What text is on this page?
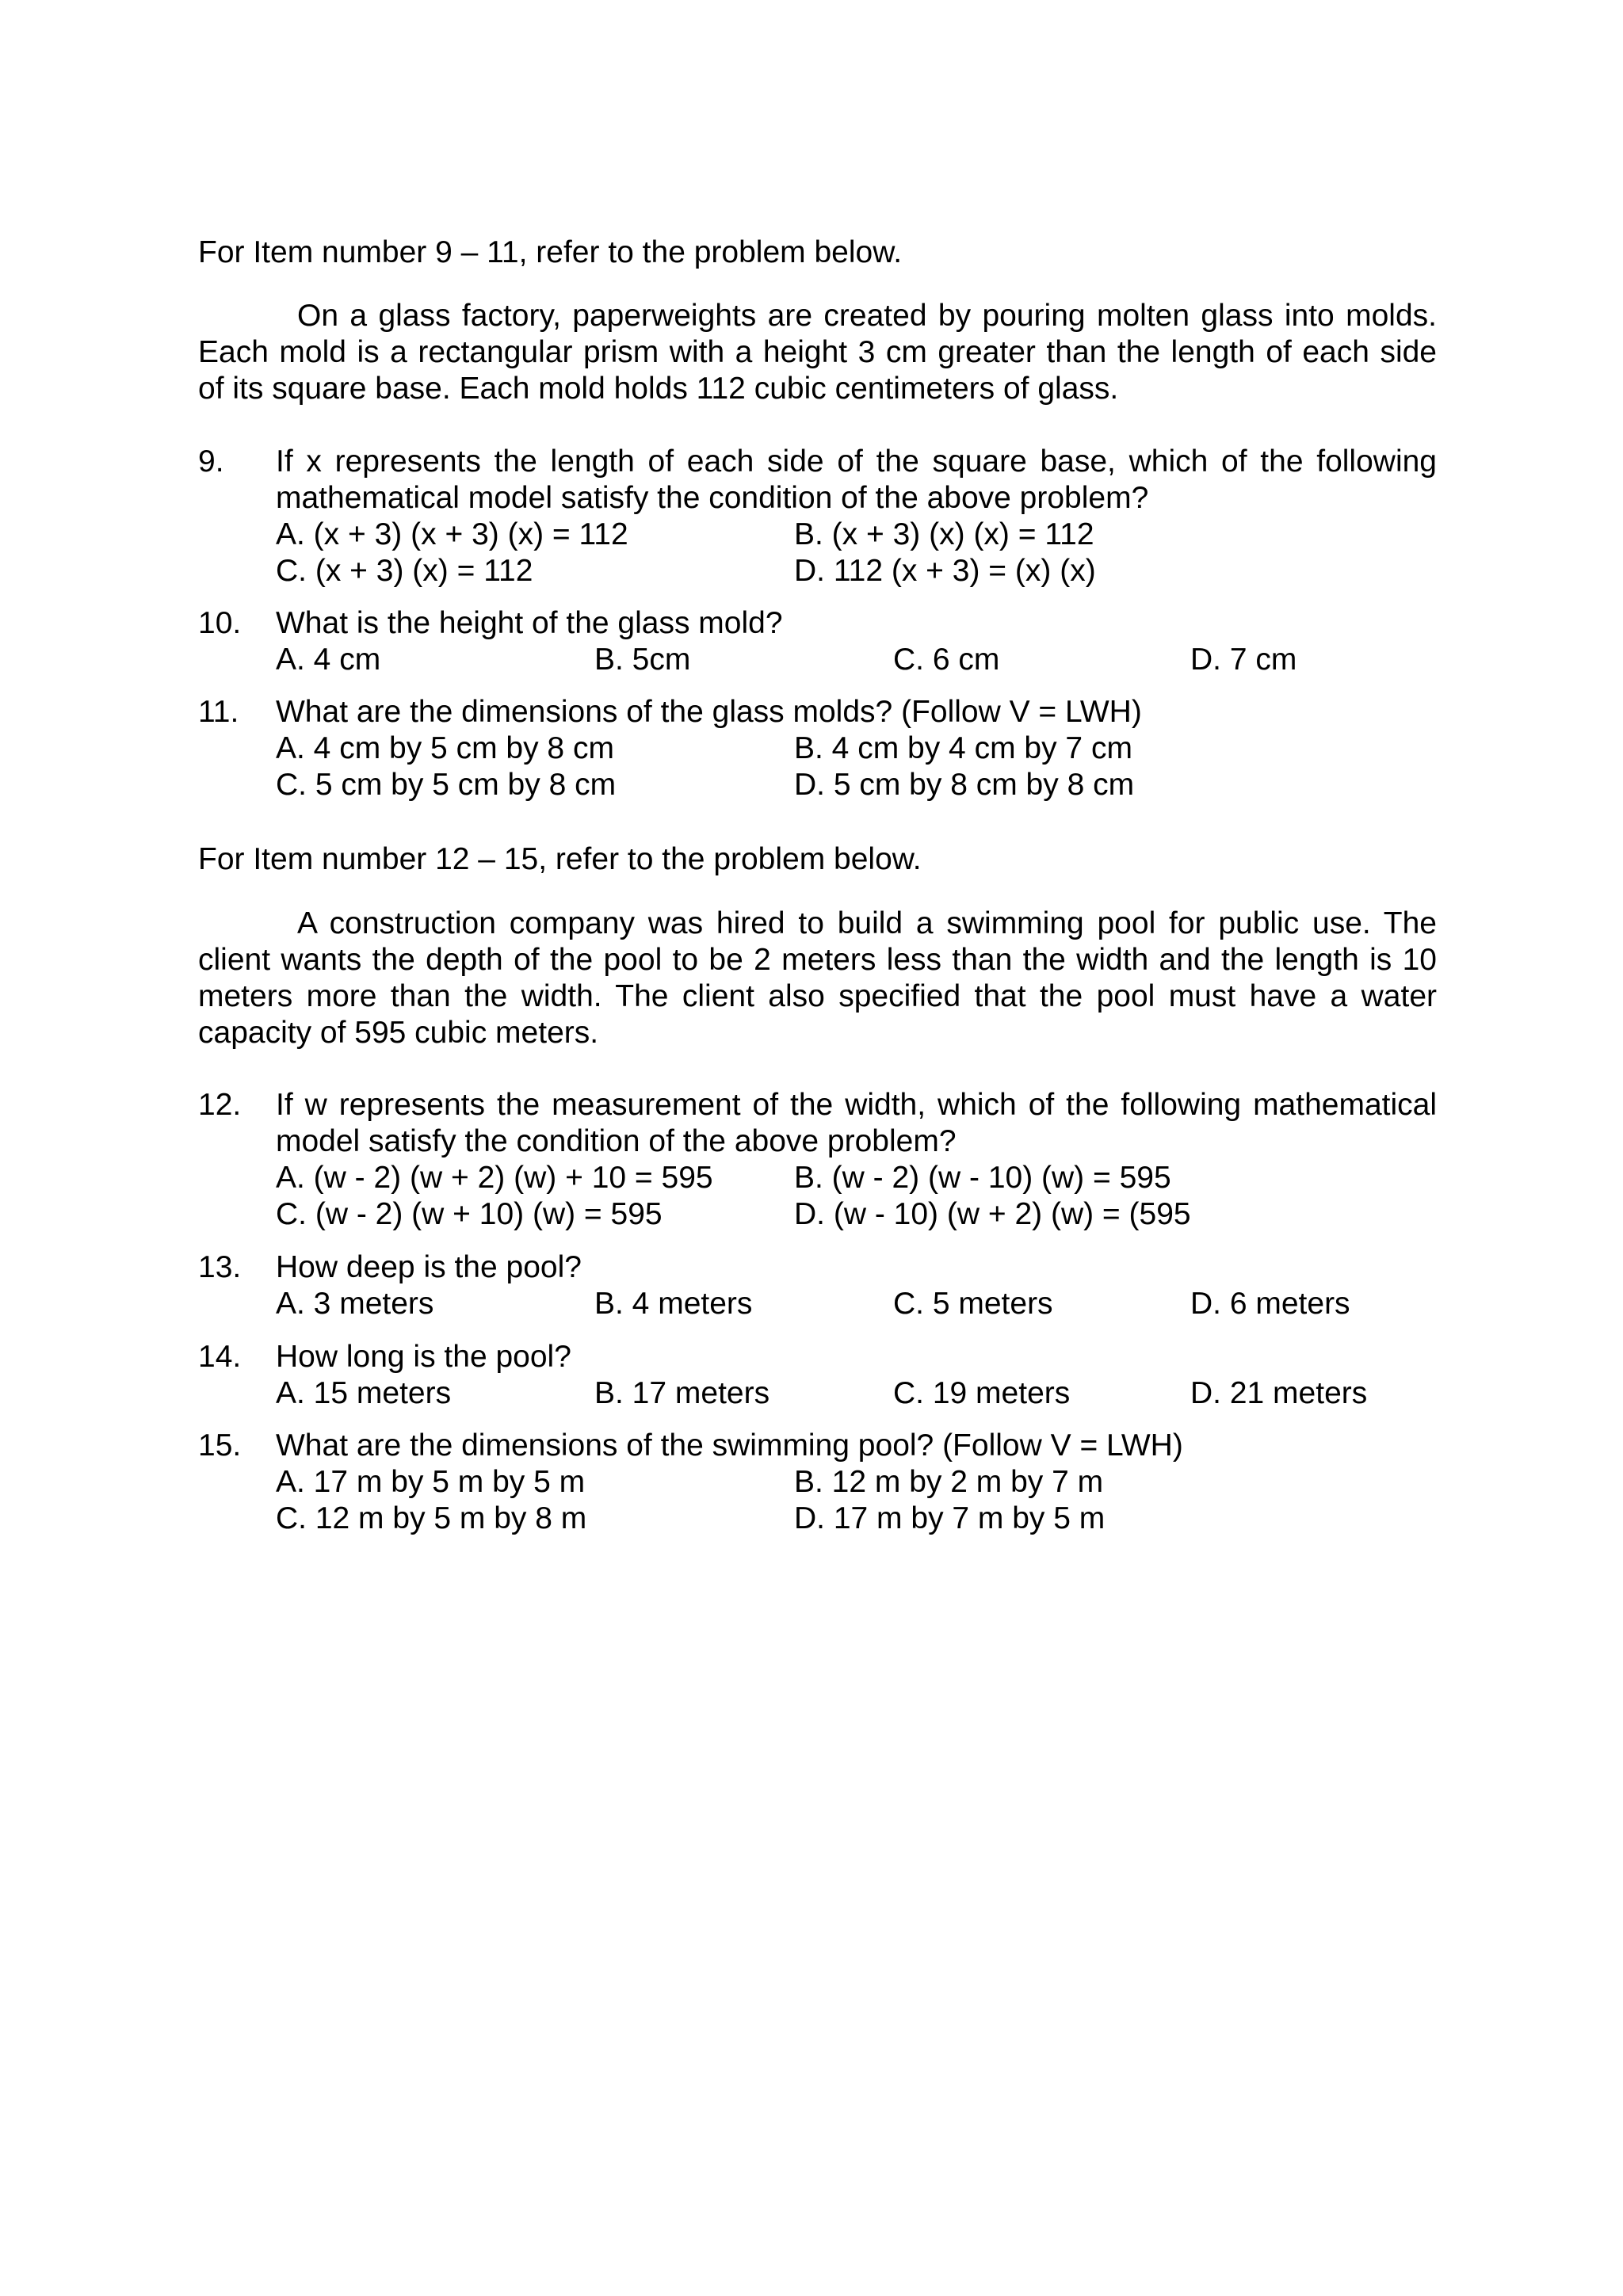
For Item number 9 – 11, refer to the problem below.
On a glass factory, paperweights are created by pouring molten glass into molds.
Each mold is a rectangular prism with a height 3 cm greater than the length of each side
of its square base. Each mold holds 112 cubic centimeters of glass.
9. If x represents the length of each side of the square base, which of the following
mathematical model satisfy the condition of the above problem?
A. (x + 3) (x + 3) (x) = 112	B. (x + 3) (x) (x) = 112
C. (x + 3) (x) = 112	D. 112 (x + 3) = (x) (x)
10. What is the height of the glass mold?
A. 4 cm	B. 5cm	C. 6 cm	D. 7 cm
11. What are the dimensions of the glass molds? (Follow V = LWH)
A. 4 cm by 5 cm by 8 cm	B. 4 cm by 4 cm by 7 cm
C. 5 cm by 5 cm by 8 cm	D. 5 cm by 8 cm by 8 cm
For Item number 12 – 15, refer to the problem below.
A construction company was hired to build a swimming pool for public use. The
client wants the depth of the pool to be 2 meters less than the width and the length is 10
meters more than the width. The client also specified that the pool must have a water
capacity of 595 cubic meters.
12. If w represents the measurement of the width, which of the following mathematical
model satisfy the condition of the above problem?
A. (w - 2) (w + 2) (w) + 10 = 595	B. (w - 2) (w - 10) (w) = 595
C. (w - 2) (w + 10) (w) = 595	D. (w - 10) (w + 2) (w) = (595
13. How deep is the pool?
A. 3 meters	B. 4 meters	C. 5 meters	D. 6 meters
14. How long is the pool?
A. 15 meters	B. 17 meters	C. 19 meters	D. 21 meters
15. What are the dimensions of the swimming pool? (Follow V = LWH)
A. 17 m by 5 m by 5 m	B. 12 m by 2 m by 7 m
C. 12 m by 5 m by 8 m	D. 17 m by 7 m by 5 m
